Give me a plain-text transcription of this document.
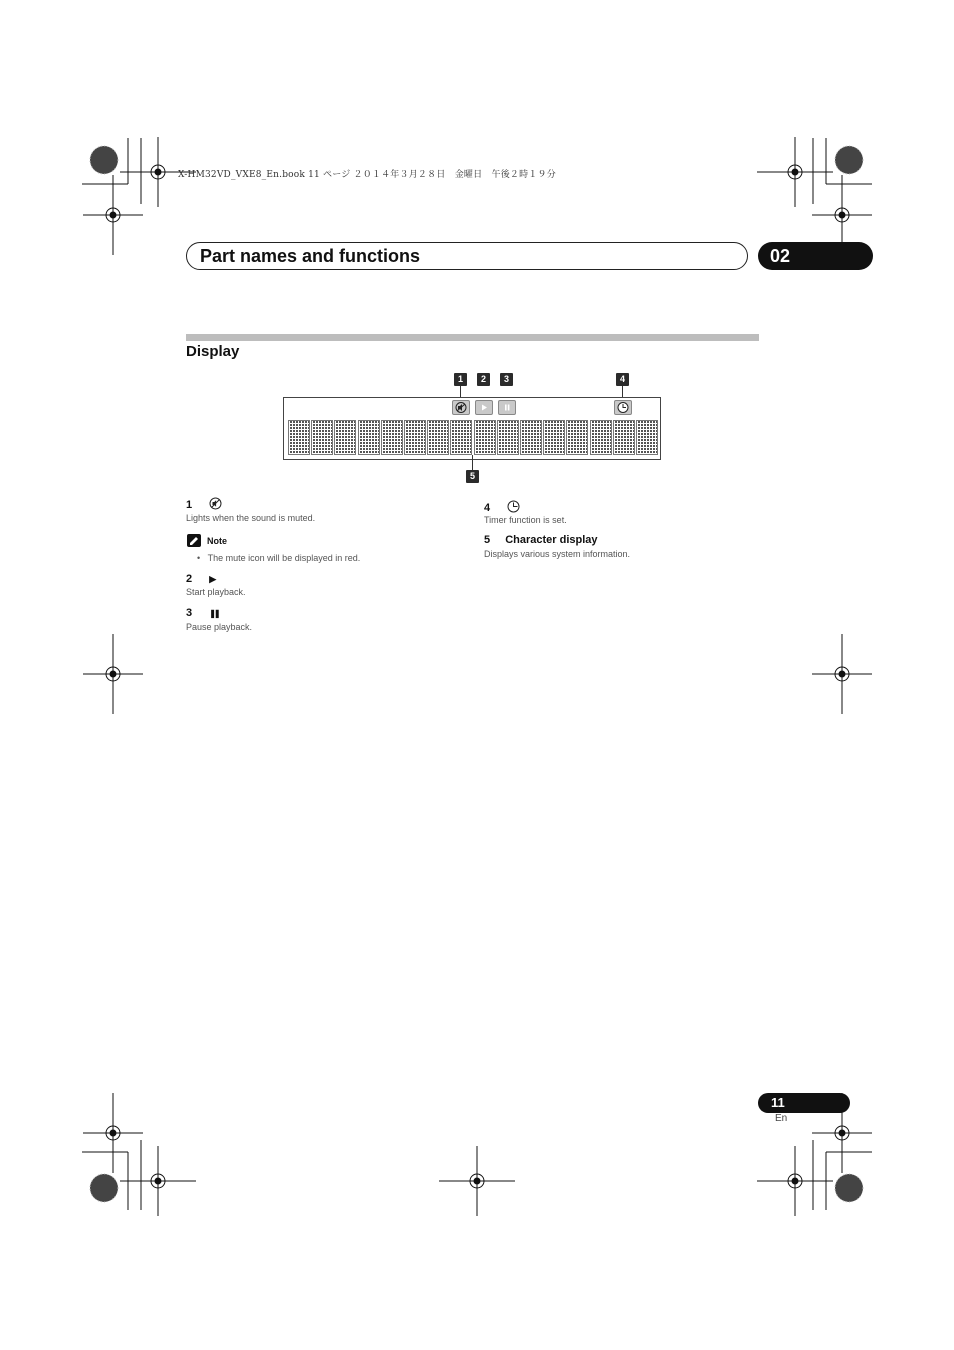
X-HM32VD_VXE8_En.book 11 ページ ２０１４年３月２８日　金曜日　午後２時１９分
Part names and functions	02
Display
1	2	3	4
5
1
Lights when the sound is muted.
Note
•   The mute icon will be displayed in red.
2 ▶
Start playback.
3 ❚❚
Pause playback.
4
Timer function is set.
5 Character display
Displays various system information.
11
En
